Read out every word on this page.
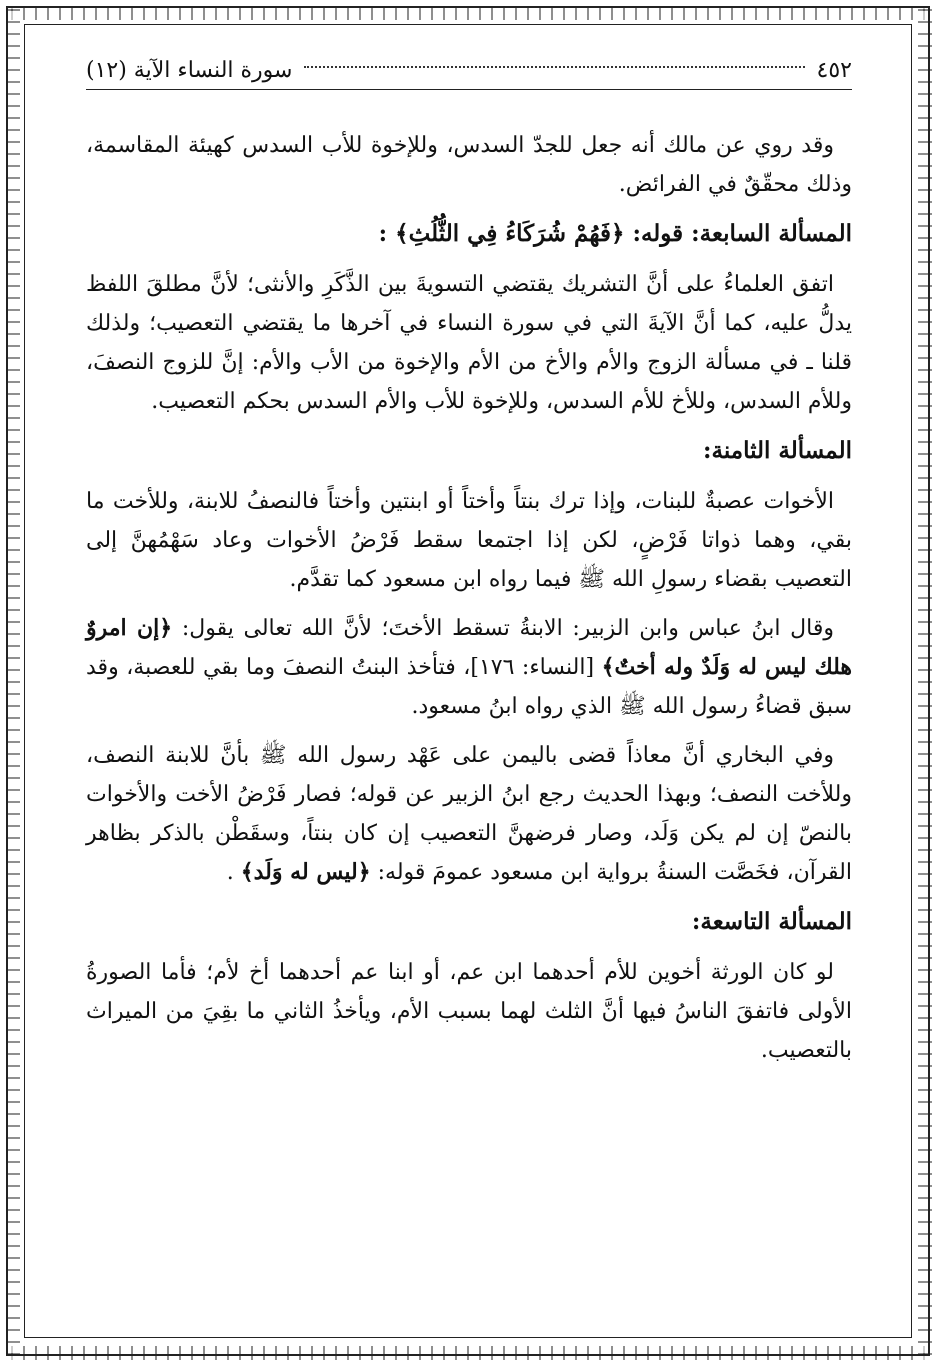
٤٥٢
سورة النساء الآية (١٢)

وقد روي عن مالك أنه جعل للجدّ السدس، وللإخوة للأب السدس كهيئة المقاسمة، وذلك محقّقٌ في الفرائض.

المسألة السابعة: قوله: ﴿فَهُمْ شُرَكَاءُ فِي الثُّلُثِ﴾ :

اتفق العلماءُ على أنَّ التشريك يقتضي التسويةَ بين الذَّكَرِ والأنثى؛ لأنَّ مطلقَ اللفظ يدلُّ عليه، كما أنَّ الآيةَ التي في سورة النساء في آخرها ما يقتضي التعصيب؛ ولذلك قلنا ـ في مسألة الزوج والأم والأخ من الأم والإخوة من الأب والأم: إنَّ للزوج النصفَ، وللأم السدس، وللأخ للأم السدس، وللإخوة للأب والأم السدس بحكم التعصيب.

المسألة الثامنة:

الأخوات عصبةٌ للبنات، وإذا ترك بنتاً وأختاً أو ابنتين وأختاً فالنصفُ للابنة، وللأخت ما بقي، وهما ذواتا فَرْضٍ، لكن إذا اجتمعا سقط فَرْضُ الأخوات وعاد سَهْمُهنَّ إلى التعصيب بقضاء رسولِ الله ﷺ فيما رواه ابن مسعود كما تقدَّم.

وقال ابنُ عباس وابن الزبير: الابنةُ تسقط الأختَ؛ لأنَّ الله تعالى يقول: ﴿إن امروٌ هلك ليس له وَلَدٌ وله أختٌ﴾ [النساء: ١٧٦]، فتأخذ البنتُ النصفَ وما بقي للعصبة، وقد سبق قضاءُ رسول الله ﷺ الذي رواه ابنُ مسعود.

وفي البخاري أنَّ معاذاً قضى باليمن على عَهْد رسول الله ﷺ بأنَّ للابنة النصف، وللأخت النصف؛ وبهذا الحديث رجع ابنُ الزبير عن قوله؛ فصار فَرْضُ الأخت والأخوات بالنصّ إن لم يكن وَلَد، وصار فرضهنَّ التعصيب إن كان بنتاً، وسقَطْن بالذكر بظاهر القرآن، فخَصَّت السنةُ برواية ابن مسعود عمومَ قوله: ﴿ليس له وَلَد﴾ .

المسألة التاسعة:

لو كان الورثة أخوين للأم أحدهما ابن عم، أو ابنا عم أحدهما أخ لأم؛ فأما الصورةُ الأولى فاتفقَ الناسُ فيها أنَّ الثلث لهما بسبب الأم، ويأخذُ الثاني ما بقِيَ من الميراث بالتعصيب.
